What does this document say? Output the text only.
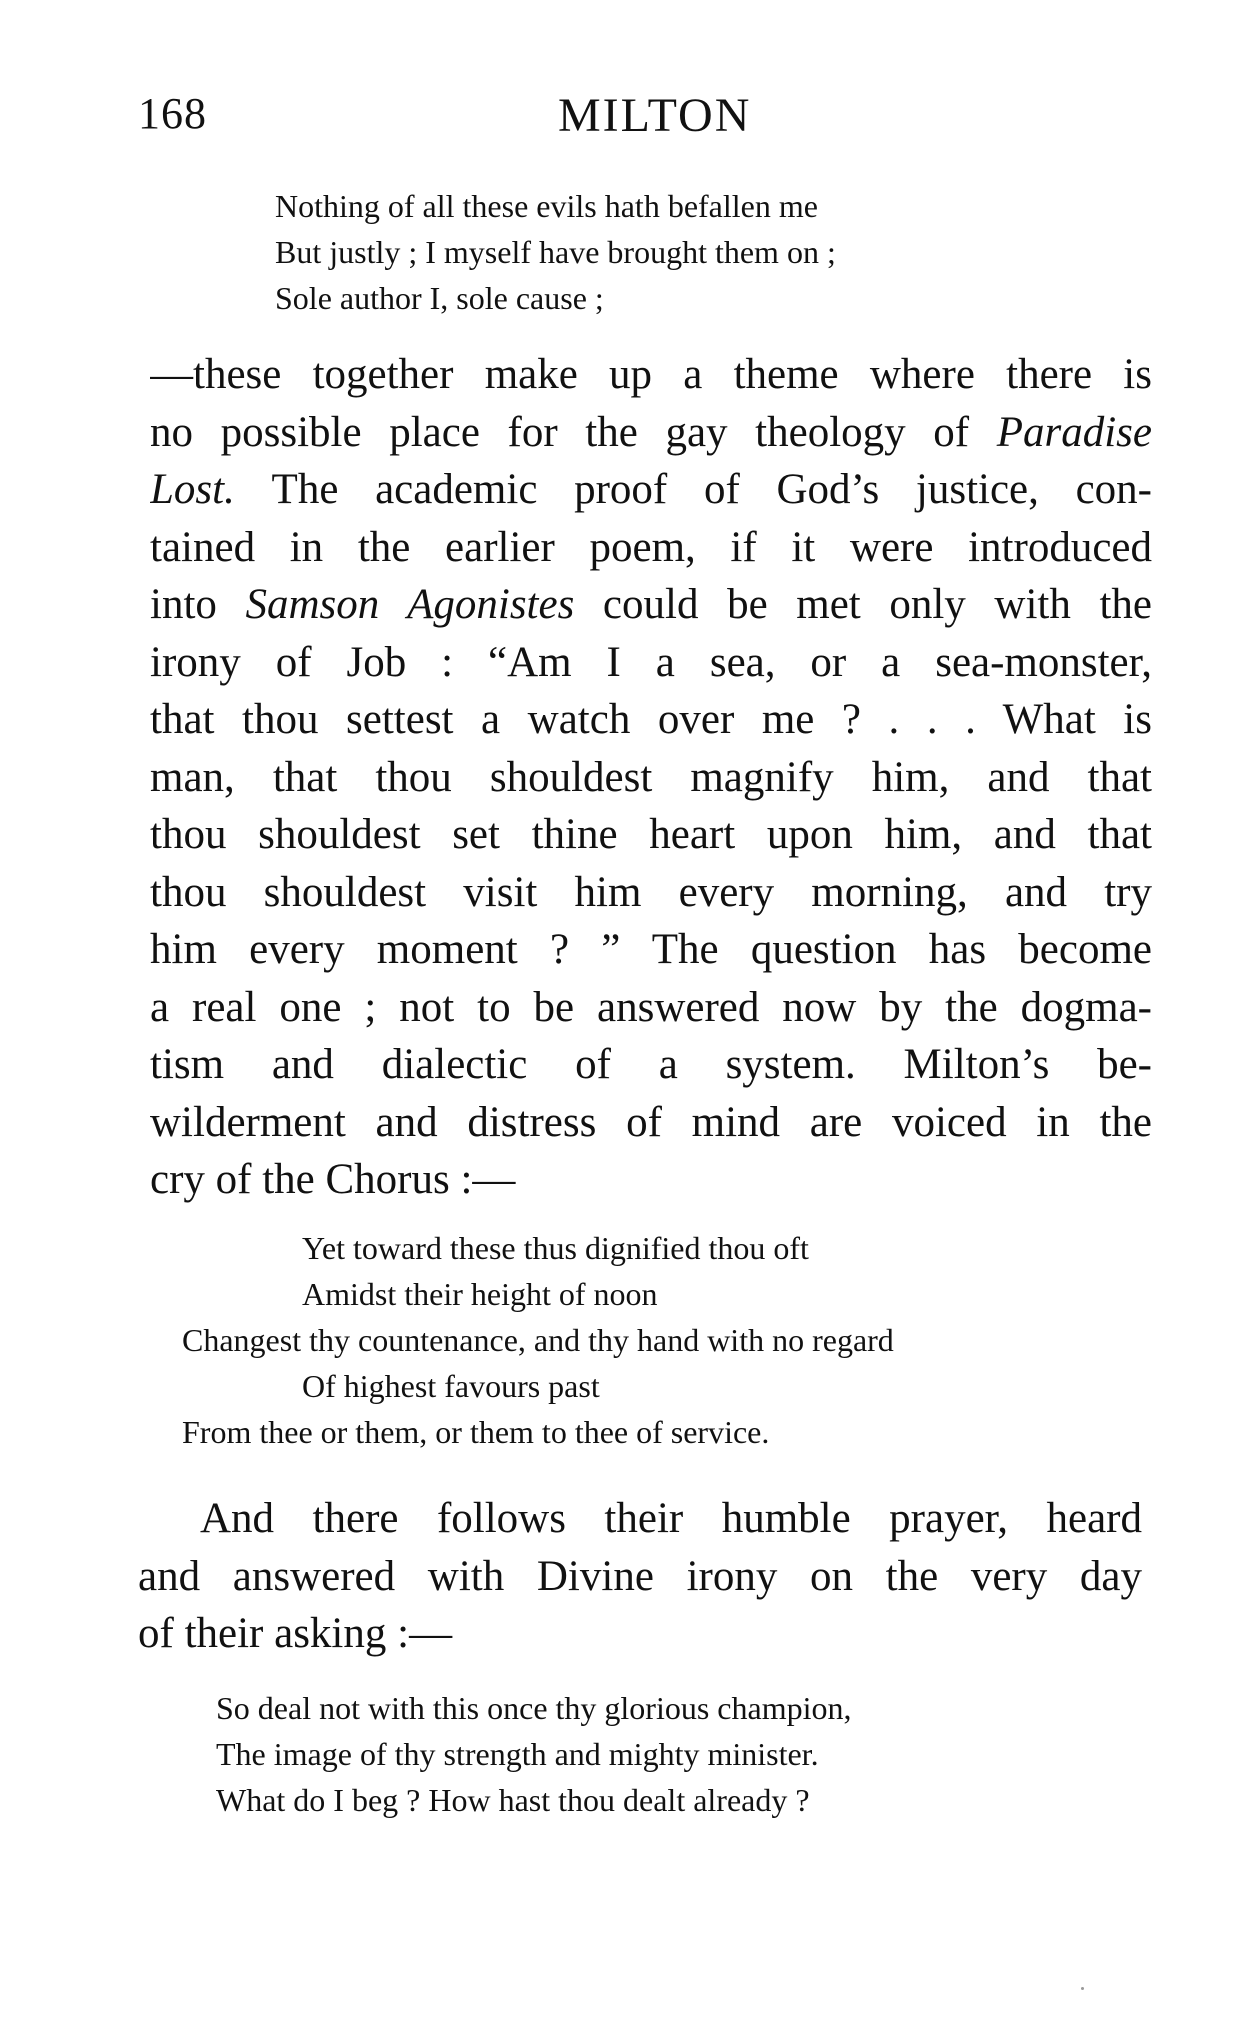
168	MILTON
Nothing of all these evils hath befallen me
But justly ; I myself have brought them on ;
Sole author I, sole cause ;
—these together make up a theme where there is
no possible place for the gay theology of Paradise
Lost. The academic proof of God’s justice, con-
tained in the earlier poem, if it were introduced
into Samson Agonistes could be met only with the
irony of Job : “Am I a sea, or a sea-monster,
that thou settest a watch over me ? . . . What is
man, that thou shouldest magnify him, and that
thou shouldest set thine heart upon him, and that
thou shouldest visit him every morning, and try
him every moment ? ” The question has become
a real one ; not to be answered now by the dogma-
tism and dialectic of a system. Milton’s be-
wilderment and distress of mind are voiced in the
cry of the Chorus :—
Yet toward these thus dignified thou oft
Amidst their height of noon
Changest thy countenance, and thy hand with no regard
Of highest favours past
From thee or them, or them to thee of service.
And there follows their humble prayer, heard
and answered with Divine irony on the very day
of their asking :—
So deal not with this once thy glorious champion,
The image of thy strength and mighty minister.
What do I beg ? How hast thou dealt already ?
